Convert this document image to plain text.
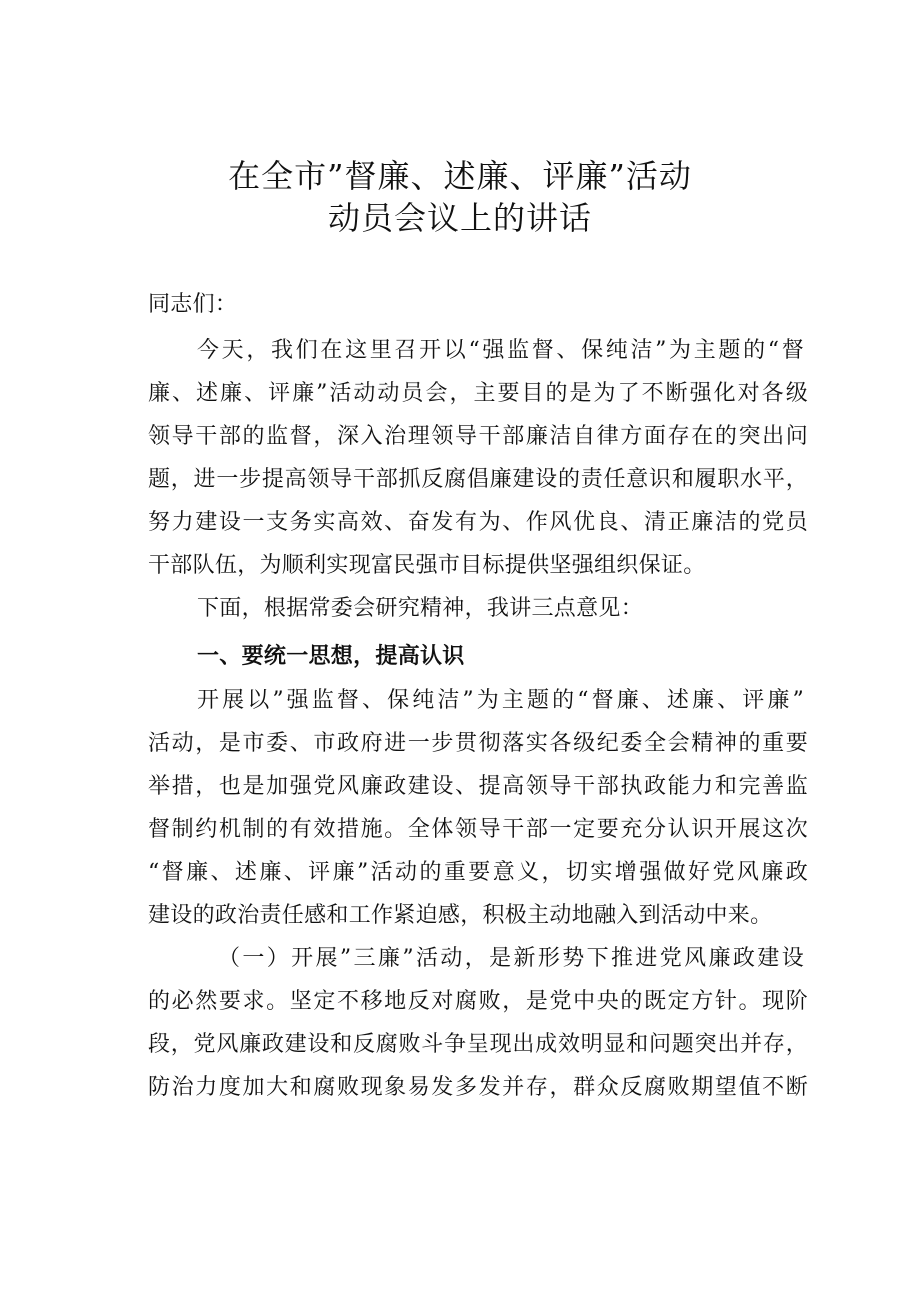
在全市”督廉、述廉、评廉”活动
动员会议上的讲话
同志们：
今天，我们在这里召开以“强监督、保纯洁”为主题的“督
廉、述廉、评廉”活动动员会，主要目的是为了不断强化对各级
领导干部的监督，深入治理领导干部廉洁自律方面存在的突出问
题，进一步提高领导干部抓反腐倡廉建设的责任意识和履职水平，
努力建设一支务实高效、奋发有为、作风优良、清正廉洁的党员
干部队伍，为顺利实现富民强市目标提供坚强组织保证。
下面，根据常委会研究精神，我讲三点意见：
一、要统一思想，提高认识
开展以”强监督、保纯洁”为主题的“督廉、述廉、评廉”
活动，是市委、市政府进一步贯彻落实各级纪委全会精神的重要
举措，也是加强党风廉政建设、提高领导干部执政能力和完善监
督制约机制的有效措施。全体领导干部一定要充分认识开展这次
“督廉、述廉、评廉”活动的重要意义，切实增强做好党风廉政
建设的政治责任感和工作紧迫感，积极主动地融入到活动中来。
（一）开展”三廉”活动，是新形势下推进党风廉政建设
的必然要求。坚定不移地反对腐败，是党中央的既定方针。现阶
段，党风廉政建设和反腐败斗争呈现出成效明显和问题突出并存，
防治力度加大和腐败现象易发多发并存，群众反腐败期望值不断
